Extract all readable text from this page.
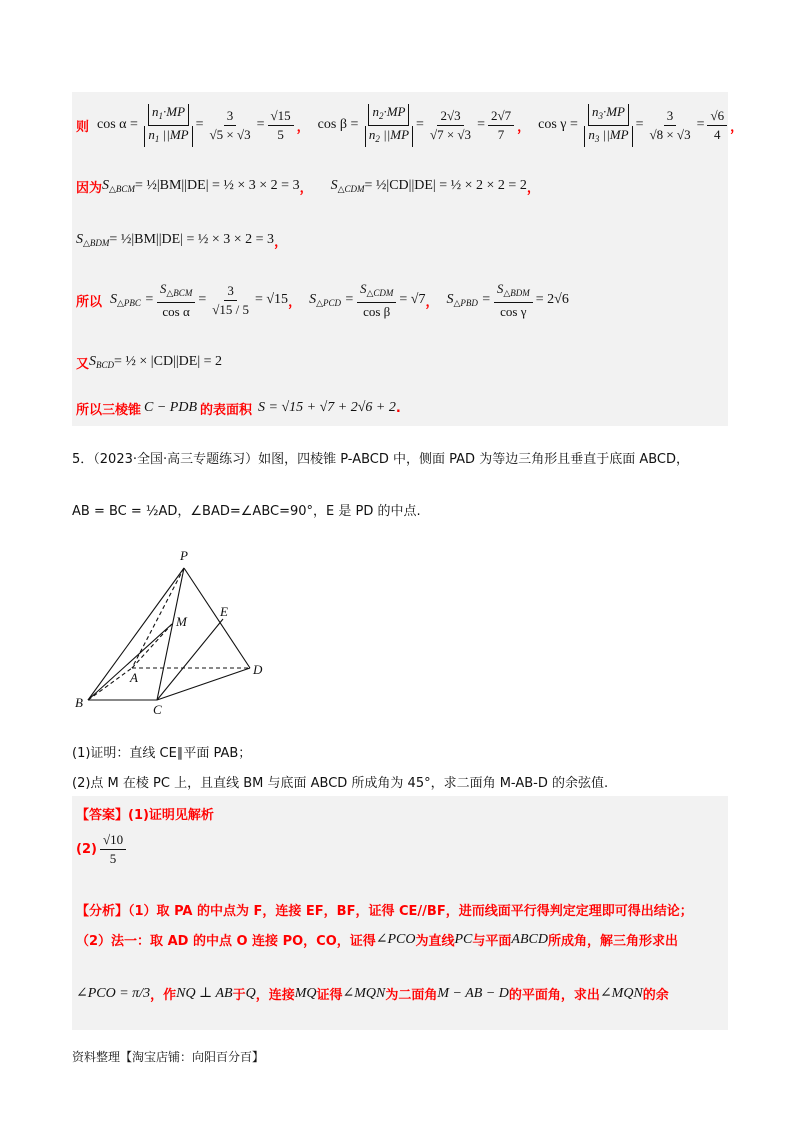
则 $\cos \alpha = \frac{n_1\cdot MP}{n_1 ||MP} = \frac{3}{√5 \times √3} = \frac{√15}{5}$ ， $\cos \beta = \frac{n_2\cdot MP}{n_2 ||MP} = \frac{2√3}{√7 \times √3} = \frac{2√7}{7}$ ， $\cos \gamma = \frac{n_3\cdot MP}{n_3 ||MP} = \frac{3}{√8 \times √3} = \frac{√6}{4}$ ，
因为 $S_{\triangle BCM}$ = ½|BM||DE| = ½ × 3 × 2 = 3 ， $S_{\triangle CDM}$ = ½|CD||DE| = ½ × 2 × 2 = 2 ，
$S_{\triangle BDM}$ = ½|BM||DE| = ½ × 3 × 2 = 3 ，
所以 $S_{\triangle PBC} = \frac{S_{\triangle BCM}}{\text{cos α}} = \frac{3}{√15 / 5} = √15$ ， $S_{\triangle PCD} = \frac{S_{\triangle CDM}}{\text{cos β}} = √7$ ， $S_{\triangle PBD} = \frac{S_{\triangle BDM}}{\text{cos γ}} = 2√6$
又 $S_{BCD}$ = ½ × |CD||DE| = 2
所以三棱锥 C − PDB 的表面积 S = √15 + √7 + 2√6 + 2 .
5．（2023·全国·高三专题练习）如图，四棱锥 P-ABCD 中，侧面 PAD 为等边三角形且垂直于底面 ABCD，
AB = BC = ½AD，∠BAD=∠ABC=90°，E 是 PD 的中点.
P
M
E
A
D
B	C
(1)证明：直线 CE∥平面 PAB；
(2)点 M 在棱 PC 上，且直线 BM 与底面 ABCD 所成角为 45°，求二面角 M-AB-D 的余弦值.
【答案】(1)证明见解析
$(2) \frac{√10}{5}$
【分析】（1）取 PA 的中点为 F，连接 EF，BF，证得 CE//BF，进而线面平行得判定定理即可得出结论；
（2）法一：取 AD 的中点 O 连接 PO，CO，证得 ∠PCO 为直线 PC 与平面 ABCD 所成角，解三角形求出
∠PCO = π/3 ，作 NQ ⊥ AB 于 Q ，连接 MQ 证得 ∠MQN 为二面角 M − AB − D 的平面角，求出 ∠MQN 的余
资料整理【淘宝店铺：向阳百分百】
